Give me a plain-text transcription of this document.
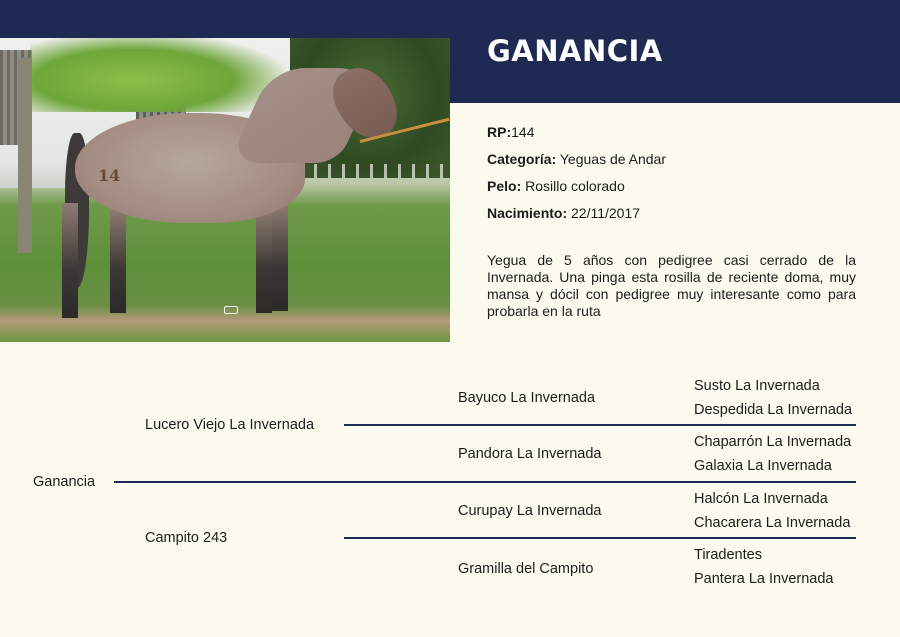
GANANCIA
14
RP:144
Categoría: Yeguas de Andar
Pelo: Rosillo colorado
Nacimiento: 22/11/2017

Yegua de 5 años con pedigree casi cerrado de la Invernada. Una pinga esta rosilla de reciente doma, muy mansa y dócil con pedigree muy interesante como para probarla en la ruta

Ganancia
Lucero Viejo La Invernada
Campito 243
Bayuco La Invernada
Pandora La Invernada
Curupay La Invernada
Gramilla del Campito
Susto La Invernada
Despedida La Invernada
Chaparrón La Invernada
Galaxia La Invernada
Halcón La Invernada
Chacarera La Invernada
Tiradentes
Pantera La Invernada
